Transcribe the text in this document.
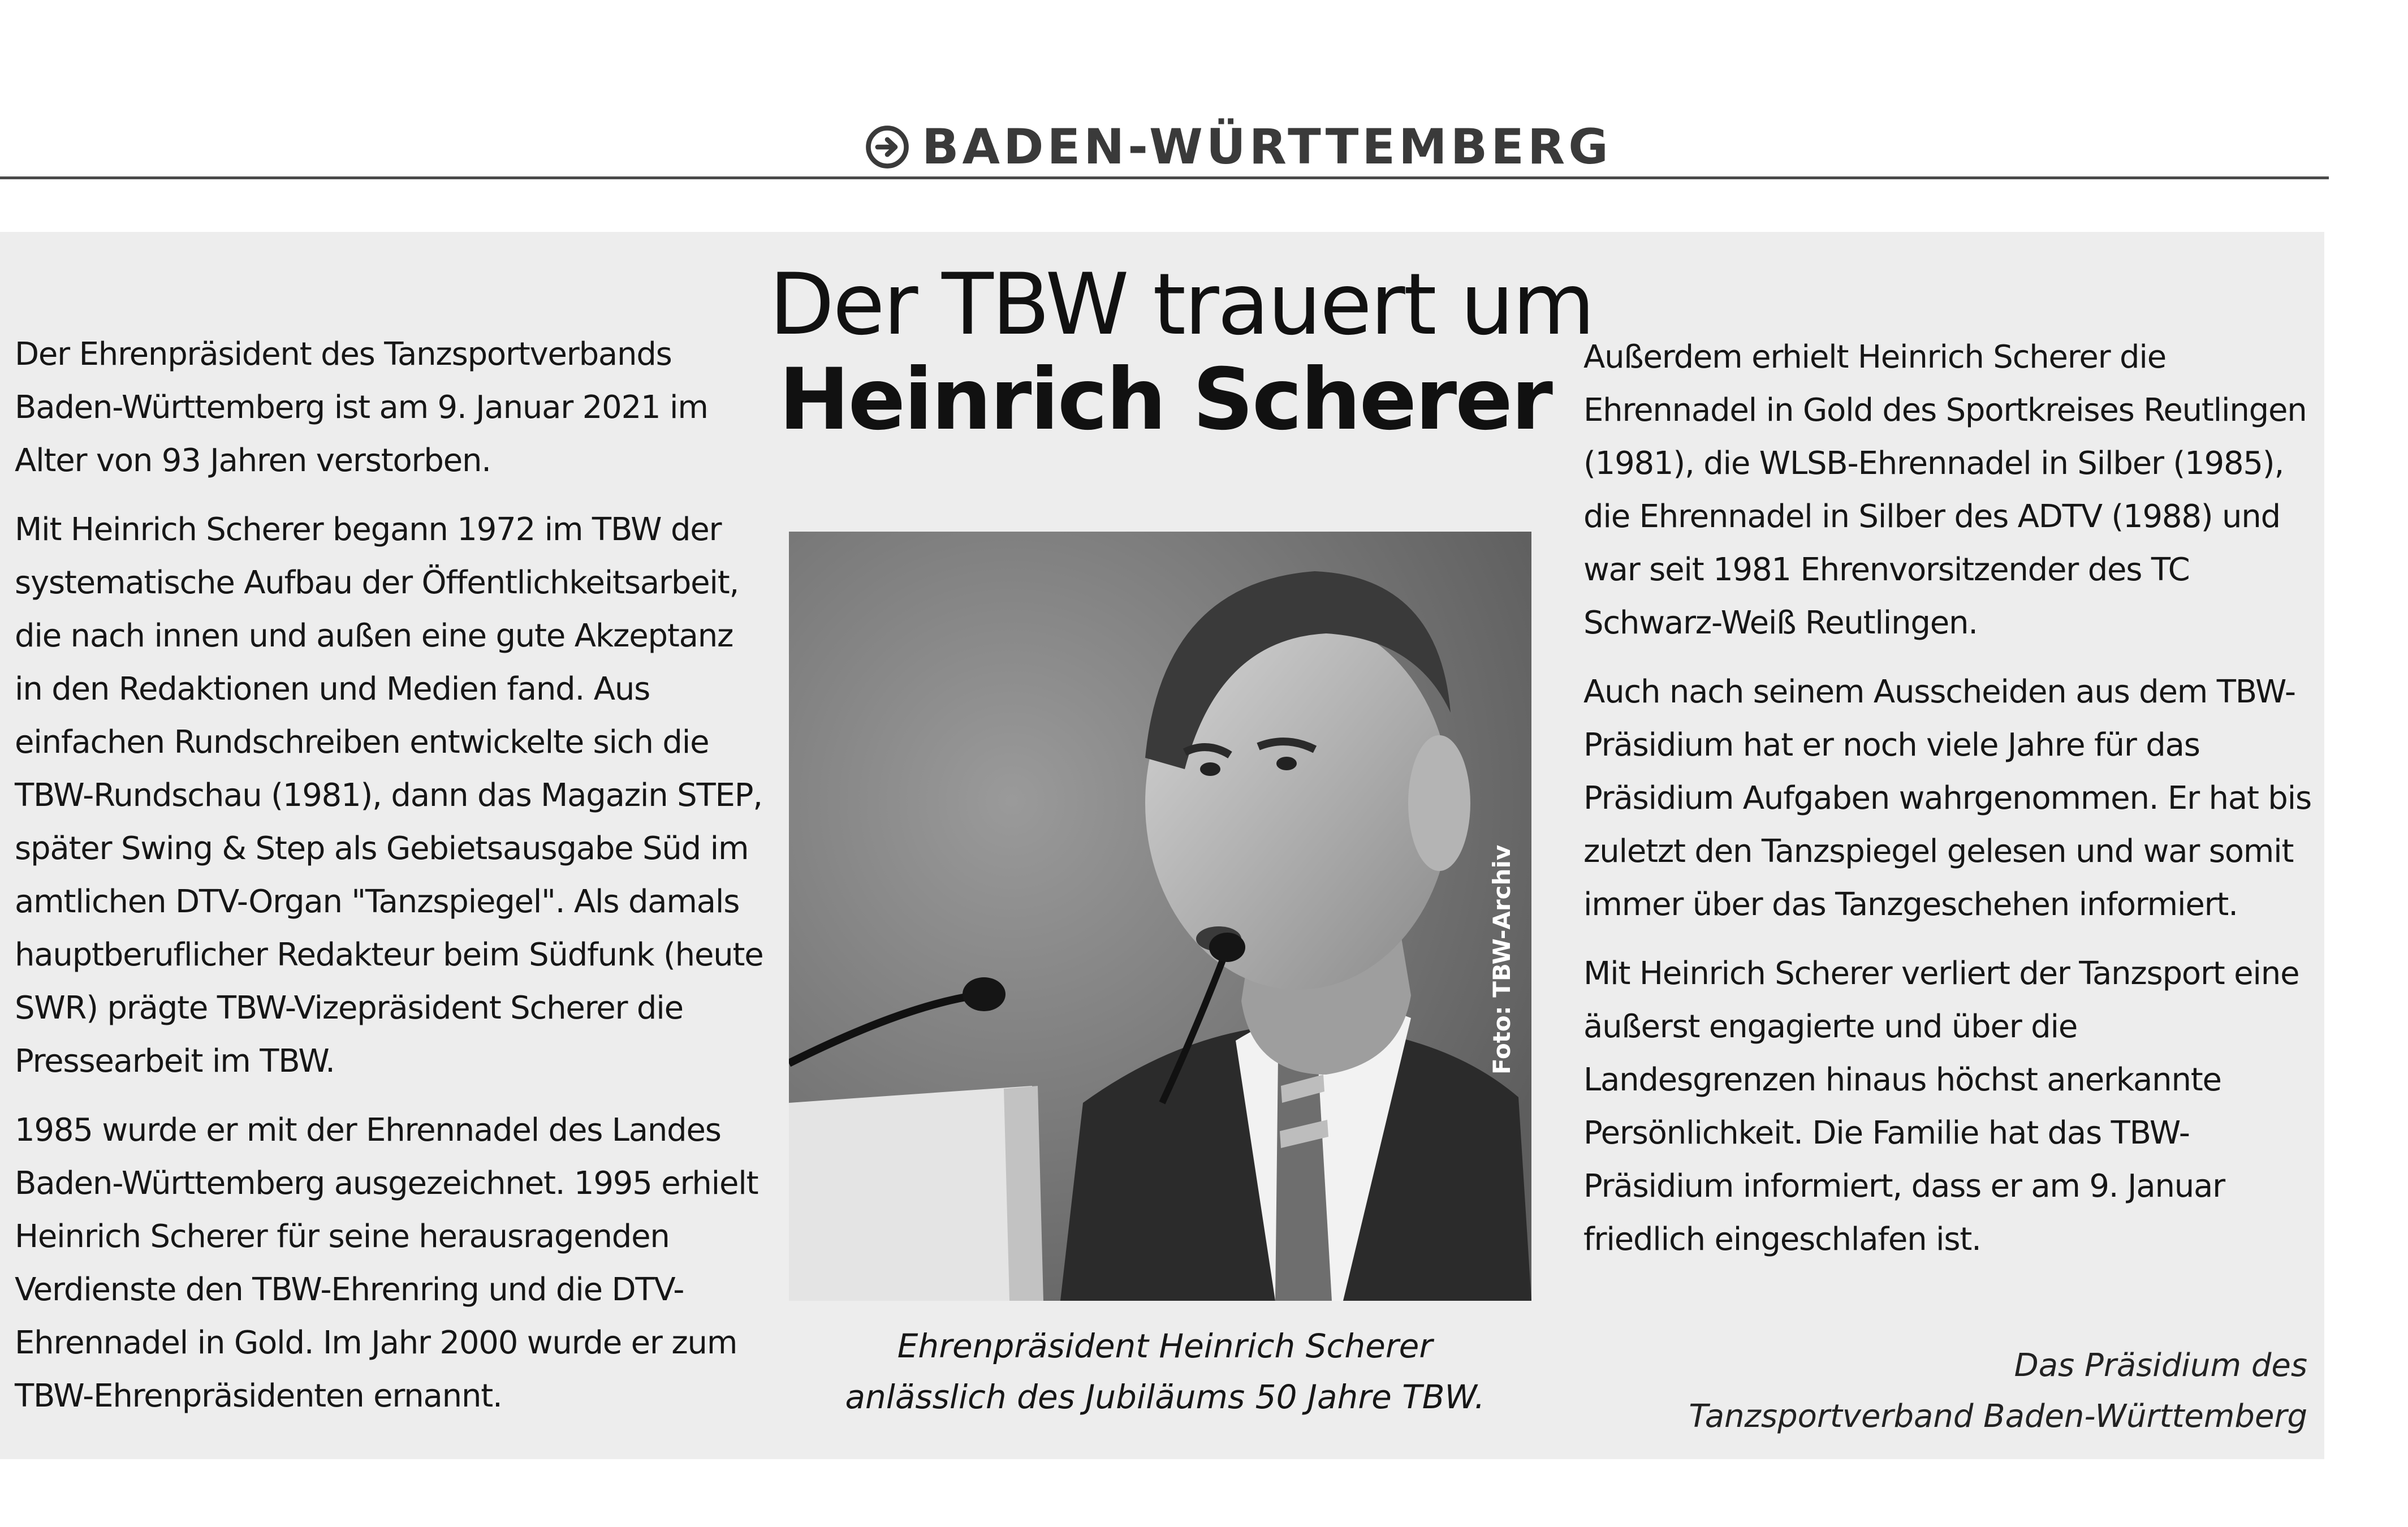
BADEN-WÜRTTEMBERG

Der Ehrenpräsident des Tanzsportverbands Baden-Württemberg ist am 9. Januar 2021 im Alter von 93 Jahren verstorben.

Mit Heinrich Scherer begann 1972 im TBW der systematische Aufbau der Öffentlichkeitsarbeit, die nach innen und außen eine gute Akzeptanz in den Redaktionen und Medien fand. Aus einfachen Rundschreiben entwickelte sich die TBW-Rundschau (1981), dann das Magazin STEP, später Swing & Step als Gebietsausgabe Süd im amtlichen DTV-Organ "Tanzspiegel". Als damals hauptberuflicher Redakteur beim Südfunk (heute SWR) prägte TBW-Vizepräsident Scherer die Pressearbeit im TBW.

1985 wurde er mit der Ehrennadel des Landes Baden-Württemberg ausgezeichnet. 1995 erhielt Heinrich Scherer für seine herausragenden Verdienste den TBW-Ehrenring und die DTV-Ehrennadel in Gold. Im Jahr 2000 wurde er zum TBW-Ehrenpräsidenten ernannt.

Der TBW trauert um
Heinrich Scherer
Foto: TBW-Archiv
Ehrenpräsident Heinrich Scherer
anlässlich des Jubiläums 50 Jahre TBW.

Außerdem erhielt Heinrich Scherer die Ehrennadel in Gold des Sportkreises Reutlingen (1981), die WLSB-Ehrennadel in Silber (1985), die Ehrennadel in Silber des ADTV (1988) und war seit 1981 Ehrenvorsitzender des TC Schwarz-Weiß Reutlingen.

Auch nach seinem Ausscheiden aus dem TBW-Präsidium hat er noch viele Jahre für das Präsidium Aufgaben wahrgenommen. Er hat bis zuletzt den Tanzspiegel gelesen und war somit immer über das Tanzgeschehen informiert.

Mit Heinrich Scherer verliert der Tanzsport eine äußerst engagierte und über die Landesgrenzen hinaus höchst anerkannte Persönlichkeit. Die Familie hat das TBW-Präsidium informiert, dass er am 9. Januar friedlich eingeschlafen ist.

Das Präsidium des
Tanzsportverband Baden-Württemberg
